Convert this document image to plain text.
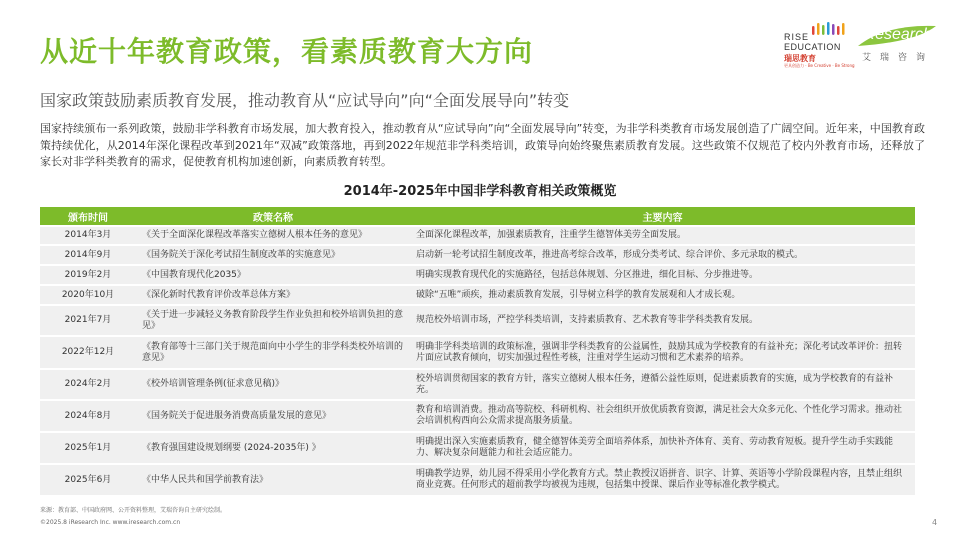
从近十年教育政策，看素质教育大方向	RISE
EDUCATION
瑞思教育
更具创造力 · Be Creative · Be Strong
iResearch
艾瑞咨询
国家政策鼓励素质教育发展，推动教育从“应试导向”向“全面发展导向”转变
国家持续颁布一系列政策，鼓励非学科教育市场发展，加大教育投入，推动教育从“应试导向”向“全面发展导向”转变，为非学科类教育市场发展创造了广阔空间。近年来，中国教育政策持续优化，从2014年深化课程改革到2021年“双减”政策落地，再到2022年规范非学科类培训，政策导向始终聚焦素质教育发展。这些政策不仅规范了校内外教育市场，还释放了家长对非学科类教育的需求，促使教育机构加速创新，向素质教育转型。
2014年-2025年中国非学科教育相关政策概览
颁布时间	政策名称	主要内容
2014年3月	《关于全面深化课程改革落实立德树人根本任务的意见》	全面深化课程改革，加强素质教育，注重学生德智体美劳全面发展。
2014年9月	《国务院关于深化考试招生制度改革的实施意见》	启动新一轮考试招生制度改革，推进高考综合改革，形成分类考试、综合评价、多元录取的模式。
2019年2月	《中国教育现代化2035》	明确实现教育现代化的实施路径，包括总体规划、分区推进，细化目标、分步推进等。
2020年10月	《深化新时代教育评价改革总体方案》	破除“五唯”顽疾，推动素质教育发展，引导树立科学的教育发展观和人才成长观。
2021年7月	《关于进一步减轻义务教育阶段学生作业负担和校外培训负担的意见》	规范校外培训市场，严控学科类培训，支持素质教育、艺术教育等非学科类教育发展。
2022年12月	《教育部等十三部门关于规范面向中小学生的非学科类校外培训的意见》	明确非学科类培训的政策标准，强调非学科类教育的公益属性，鼓励其成为学校教育的有益补充；深化考试改革评价：扭转片面应试教育倾向，切实加强过程性考核，注重对学生运动习惯和艺术素养的培养。
2024年2月	《校外培训管理条例(征求意见稿)》	校外培训贯彻国家的教育方针，落实立德树人根本任务，遵循公益性原则，促进素质教育的实施，成为学校教育的有益补充。
2024年8月	《国务院关于促进服务消费高质量发展的意见》	教育和培训消费。推动高等院校、科研机构、社会组织开放优质教育资源，满足社会大众多元化、个性化学习需求。推动社会培训机构西向公众需求提高服务质量。
2025年1月	《教育强国建设规划纲要 (2024-2035年) 》	明确提出深入实施素质教育，健全德智体美劳全面培养体系，加快补齐体育、美育、劳动教育短板。提升学生动手实践能力、解决复杂问题能力和社会适应能力。
2025年6月	《中华人民共和国学前教育法》	明确教学边界，幼儿园不得采用小学化教育方式。禁止教授汉语拼音、识字、计算、英语等小学阶段课程内容，且禁止组织商业竞赛。任何形式的超前教学均被视为违规，包括集中授课、课后作业等标准化教学模式。
来源：教育部、中国政府网、公开资料整理，艾瑞咨询自主研究绘制。
©2025.8 iResearch Inc. www.iresearch.com.cn	4
